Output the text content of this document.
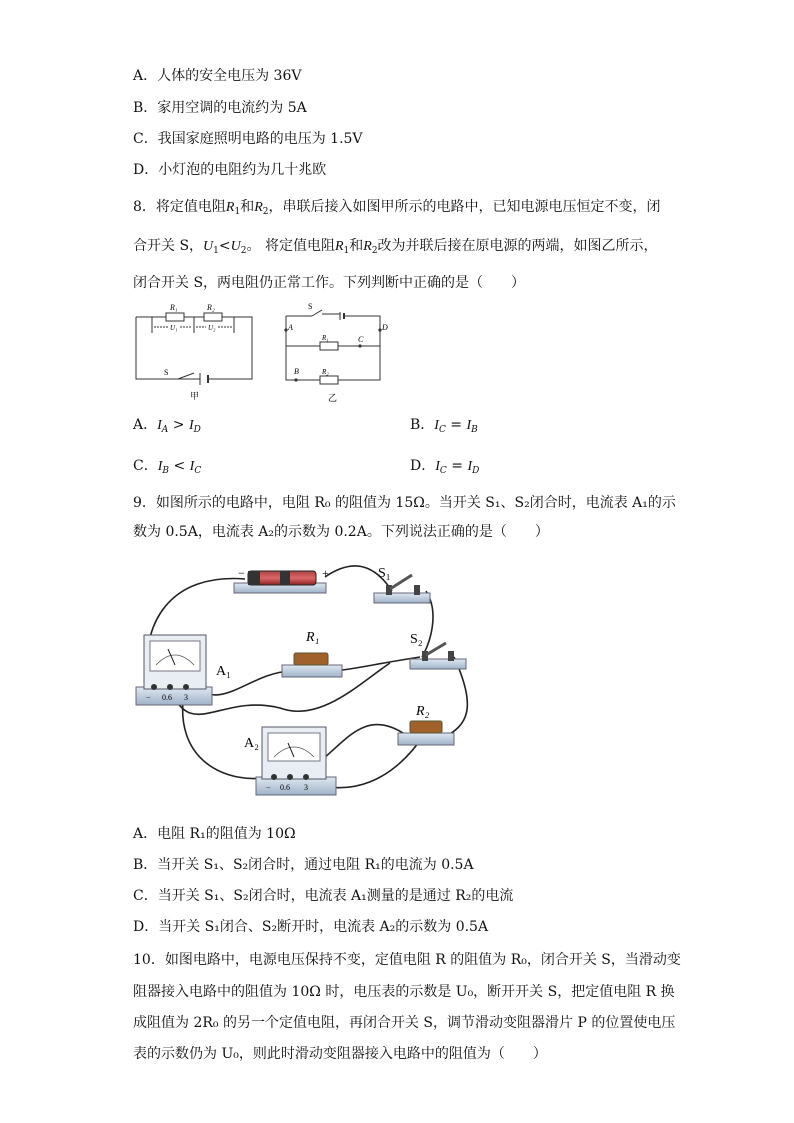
A．人体的安全电压为 36V
B．家用空调的电流约为 5A
C．我国家庭照明电路的电压为 1.5V
D．小灯泡的电阻约为几十兆欧
8．将定值电阻$R_1$和$R_2$，串联后接入如图甲所示的电路中，已知电源电压恒定不变，闭
合开关 S，$U_1<U_2$。 将定值电阻$R_1$和$R_2$改为并联后接在原电源的两端，如图乙所示，
闭合开关 S，两电阻仍正常工作。下列判断中正确的是（　　）
R₁	R₂
U₁	U₂
S
甲
S
A	D
C
B
R₁
R₂
乙
A．$I_A > I_D$	B．$I_C = I_B$
C．$I_B < I_C$	D．$I_C = I_D$
9．如图所示的电路中，电阻 R₀ 的阻值为 15Ω。当开关 S₁、S₂闭合时，电流表 A₁的示
数为 0.5A，电流表 A₂的示数为 0.2A。下列说法正确的是（　　）
−	+	S₁
S₂
R₁
R₂
− 0.6 3
A₁
− 0.6 3
A₂
A．电阻 R₁的阻值为 10Ω
B．当开关 S₁、S₂闭合时，通过电阻 R₁的电流为 0.5A
C．当开关 S₁、S₂闭合时，电流表 A₁测量的是通过 R₂的电流
D．当开关 S₁闭合、S₂断开时，电流表 A₂的示数为 0.5A
10．如图电路中，电源电压保持不变，定值电阻 R 的阻值为 R₀，闭合开关 S，当滑动变
阻器接入电路中的阻值为 10Ω 时，电压表的示数是 U₀，断开开关 S，把定值电阻 R 换
成阻值为 2R₀ 的另一个定值电阻，再闭合开关 S，调节滑动变阻器滑片 P 的位置使电压
表的示数仍为 U₀，则此时滑动变阻器接入电路中的阻值为（　　）
